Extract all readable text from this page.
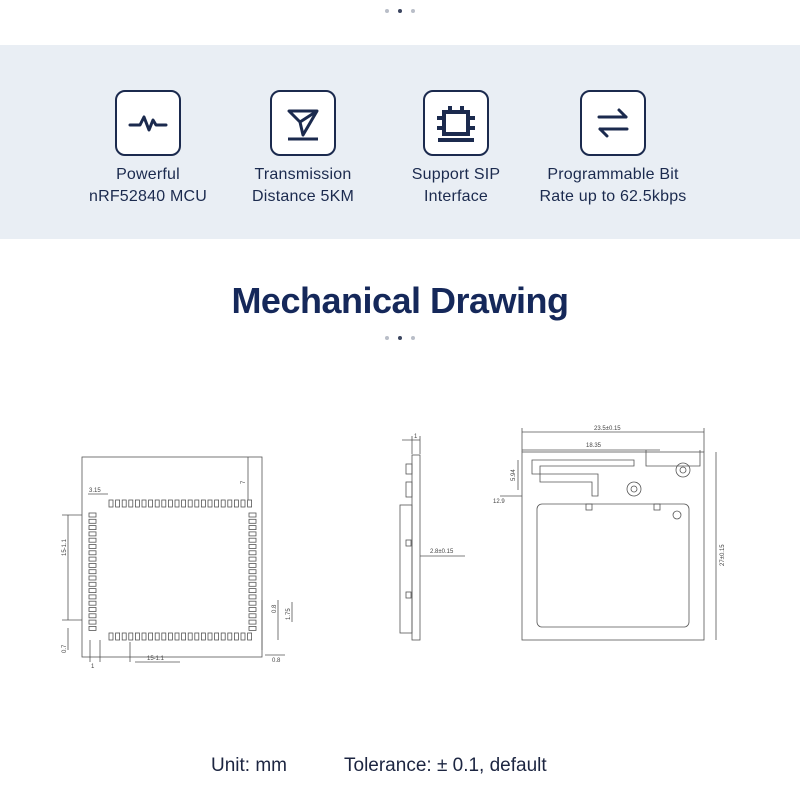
Powerful
nRF52840 MCU
Transmission
Distance 5KM
Support SIP
Interface
Programmable Bit
Rate up to 62.5kbps
Mechanical Drawing
3.15
7
15-1.1
0.7
15-1.1
0.8 1.75
0.8
1
1
2.8±0.15
23.5±0.15
18.35
5.94
12.9
27±0.15
Unit: mm	Tolerance: ± 0.1, default
